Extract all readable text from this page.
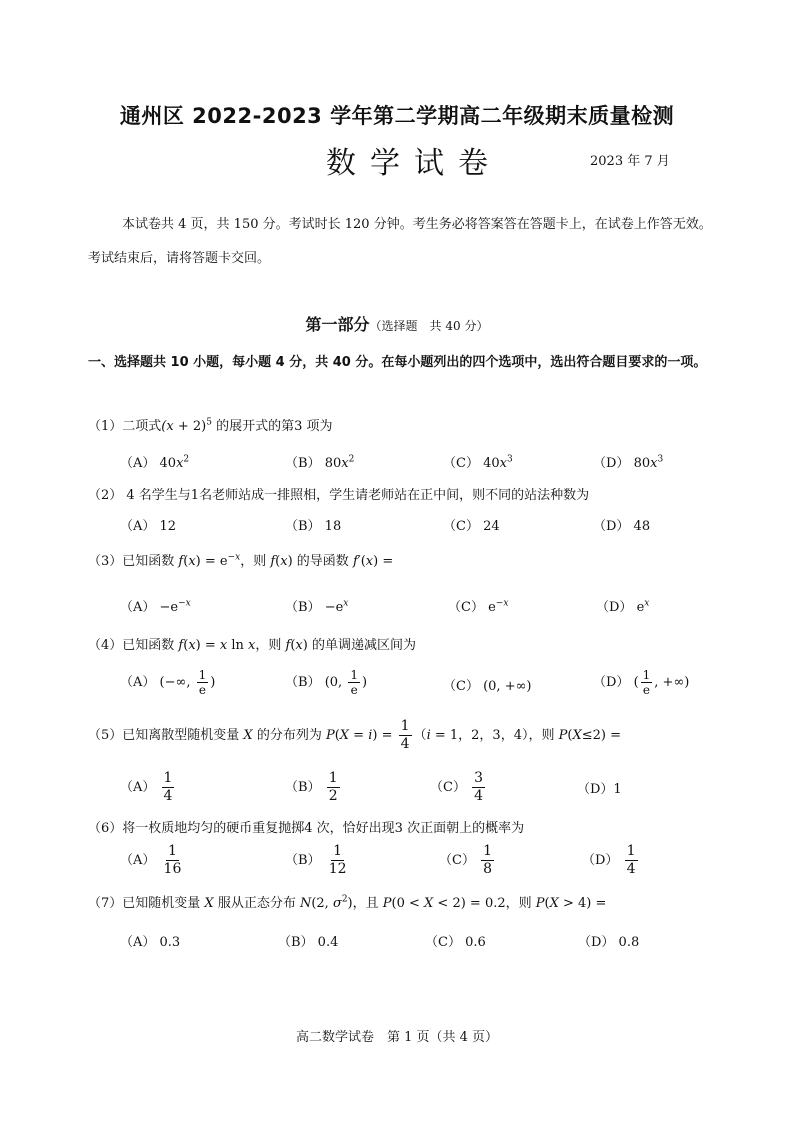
通州区 2022-2023 学年第二学期高二年级期末质量检测
数学试卷	2023 年 7 月
本试卷共 4 页，共 150 分。考试时长 120 分钟。考生务必将答案答在答题卡上，在试卷上作答无效。考试结束后，请将答题卡交回。
第一部分（选择题　共 40 分）
一、选择题共 10 小题，每小题 4 分，共 40 分。在每小题列出的四个选项中，选出符合题目要求的一项。
（1）二项式$(x + 2)^5$ 的展开式的第3 项为
（A） $40x^2$	（B） $80x^2$	（C） $40x^3$	（D） $80x^3$
（2） 4 名学生与1名老师站成一排照相，学生请老师站在正中间，则不同的站法种数为
（A） 12	（B） 18	（C） 24	（D） 48
（3）已知函数 $f(x) = e^{-x}$，则 f(x) 的导函数 f′(x) =
$(A) -e^{-x}$	$(B) -e^x$	（C） $e^{-x}$	（D） $e^x$
（4）已知函数 f(x) = x ln x，则 f(x) 的单调递减区间为
（A） (−∞, $\frac{1}{e}$ )	（B） (0, $\frac{1}{e}$ )	（C） (0, +∞)	（D） ( $\frac{1}{e}$ , +∞)
（5）已知离散型随机变量 X 的分布列为 $P(X = i) = \frac{1}{4} (i = 1$，2，3，4），则 P(X≤2) =
$(A) \frac{1}{4}$	$(B) \frac{1}{2}$	$(C) \frac{3}{4}$	（D）1
（6）将一枚质地均匀的硬币重复抛掷4 次，恰好出现3 次正面朝上的概率为
$(A) \frac{1}{16}$	$(B) \frac{1}{12}$	$(C) \frac{1}{8}$	$(D) \frac{1}{4}$
（7）已知随机变量 X 服从正态分布 N(2, $\sigma^2$)，且 P(0 < X < 2) = 0.2，则 P(X > 4) =
（A） 0.3	（B） 0.4	（C） 0.6	（D） 0.8
高二数学试卷　第 1 页（共 4 页）
